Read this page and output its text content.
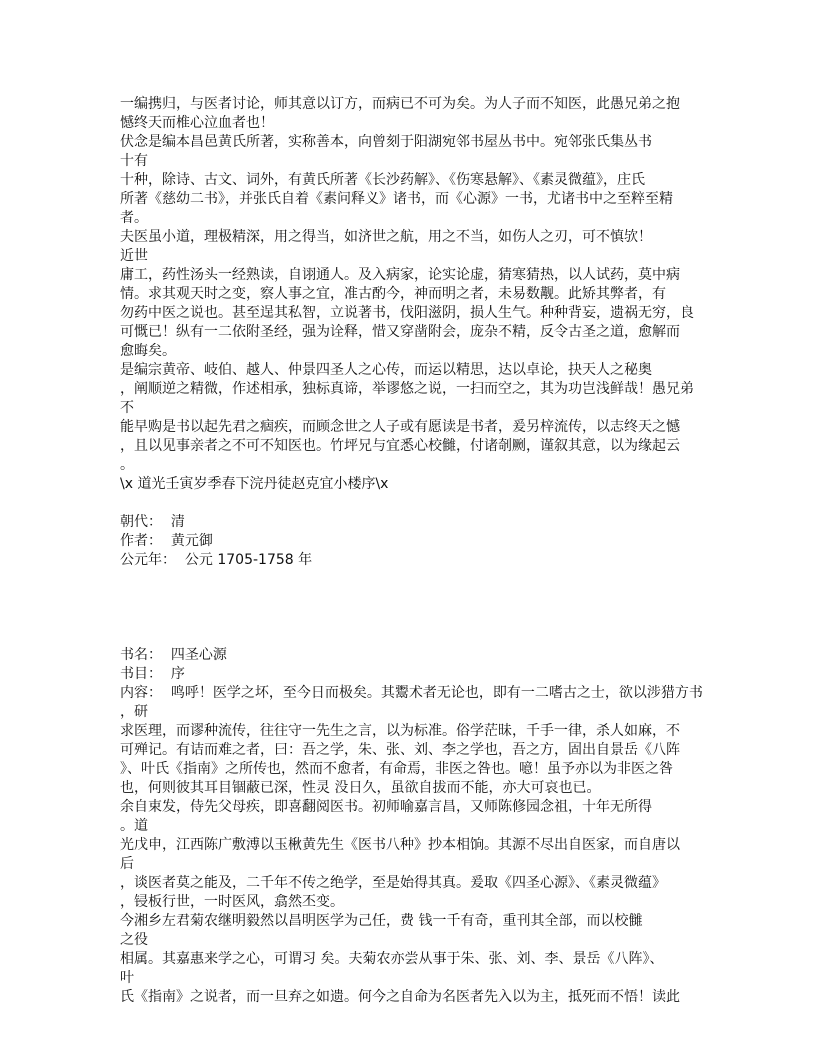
一编携归，与医者讨论，师其意以订方，而病已不可为矣。为人子而不知医，此愚兄弟之抱
憾终天而椎心泣血者也！
伏念是编本昌邑黄氏所著，实称善本，向曾刻于阳湖宛邻书屋丛书中。宛邻张氏集丛书
十有
十种，除诗、古文、词外，有黄氏所著《长沙药解》、《伤寒悬解》、《素灵微蕴》，庄氏
所著《慈幼二书》，并张氏自着《素问释义》诸书，而《心源》一书，尤诸书中之至粹至精
者。
夫医虽小道，理极精深，用之得当，如济世之航，用之不当，如伤人之刃，可不慎欤！
近世
庸工，药性汤头一经熟读，自诩通人。及入病家，论实论虚，猜寒猜热，以人试药，莫中病
情。求其观天时之变，察人事之宜，准古酌今，神而明之者，未易数觏。此矫其弊者，有
勿药中医之说也。甚至逞其私智，立说著书，伐阳滋阴，损人生气。种种背妄，遗祸无穷，良
可慨已！纵有一二依附圣经，强为诠释，惜又穿凿附会，庞杂不精，反令古圣之道，愈解而
愈晦矣。
是编宗黄帝、岐伯、越人、仲景四圣人之心传，而运以精思，达以卓论，抉天人之秘奥
，阐顺逆之精微，作述相承，独标真谛，举谬悠之说，一扫而空之，其为功岂浅鲜哉！愚兄弟
不
能早购是书以起先君之痼疾，而顾念世之人子或有愿读是书者，爰另梓流传，以志终天之憾
，且以见事亲者之不可不知医也。竹坪兄与宜悉心校雠，付诸剞劂，谨叙其意，以为缘起云
。
\x 道光壬寅岁季春下浣丹徒赵克宜小楼序\x
朝代： 清
作者： 黄元御
公元年： 公元 1705-1758 年
书名： 四圣心源
书目： 序
内容： 鸣呼！医学之坏，至今日而极矣。其鬻术者无论也，即有一二嗜古之士，欲以涉猎方书
，研
求医理，而谬种流传，往往守一先生之言，以为标准。俗学茫昧，千手一律，杀人如麻，不
可殚记。有诘而难之者，曰：吾之学，朱、张、刘、李之学也，吾之方，固出自景岳《八阵
》、叶氏《指南》之所传也，然而不愈者，有命焉，非医之咎也。噫！虽予亦以为非医之咎
也，何则彼其耳目锢蔽已深，性灵 没日久，虽欲自拔而不能，亦大可哀也已。
余自束发，侍先父母疾，即喜翻阅医书。初师喻嘉言昌，又师陈修园念祖，十年无所得
。道
光戊申，江西陈广敷溥以玉楸黄先生《医书八种》抄本相饷。其源不尽出自医家，而自唐以
后
，谈医者莫之能及，二千年不传之绝学，至是始得其真。爰取《四圣心源》、《素灵微蕴》
，锓板行世，一时医风，翕然丕变。
今湘乡左君菊农继明毅然以昌明医学为己任，费 钱一千有奇，重刊其全部，而以校雠
之役
相属。其嘉惠来学之心，可谓习 矣。夫菊农亦尝从事于朱、张、刘、李、景岳《八阵》、
叶
氏《指南》之说者，而一旦弃之如遗。何今之自命为名医者先入以为主，抵死而不悟！读此
